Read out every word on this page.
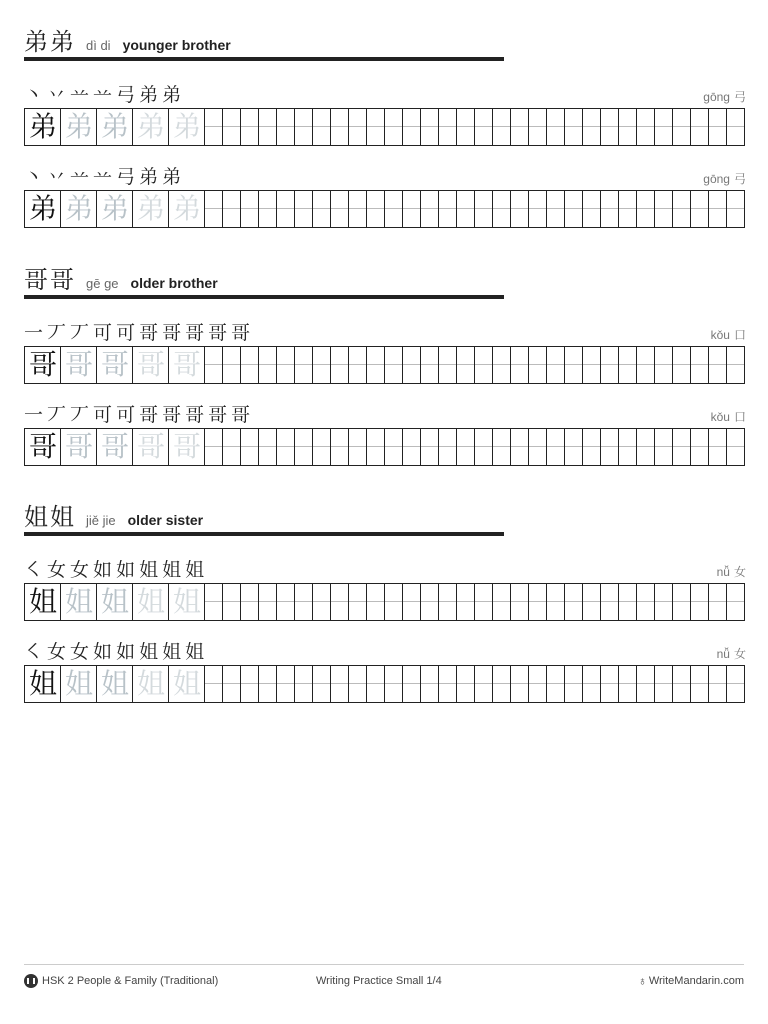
弟弟 dì di younger brother
丶 丷 䒑 䒑 弓 弟 弟	gōng 弓
弟 弟 弟 弟 弟
丶 丷 䒑 䒑 弓 弟 弟	gōng 弓
弟 弟 弟 弟 弟
哥哥 gē ge older brother
一 丆 丆 可 可 哥 哥 哥 哥 哥	kǒu 口
哥 哥 哥 哥 哥
一 丆 丆 可 可 哥 哥 哥 哥 哥	kǒu 口
哥 哥 哥 哥 哥
姐姐 jiě jie older sister
㇛ 女 女 如 如 姐 姐 姐	nǚ 女
姐 姐 姐 姐 姐
㇛ 女 女 如 如 姐 姐 姐	nǚ 女
姐 姐 姐 姐 姐
HSK 2 People & Family (Traditional)	Writing Practice Small 1/4	♁ WriteMandarin.com
